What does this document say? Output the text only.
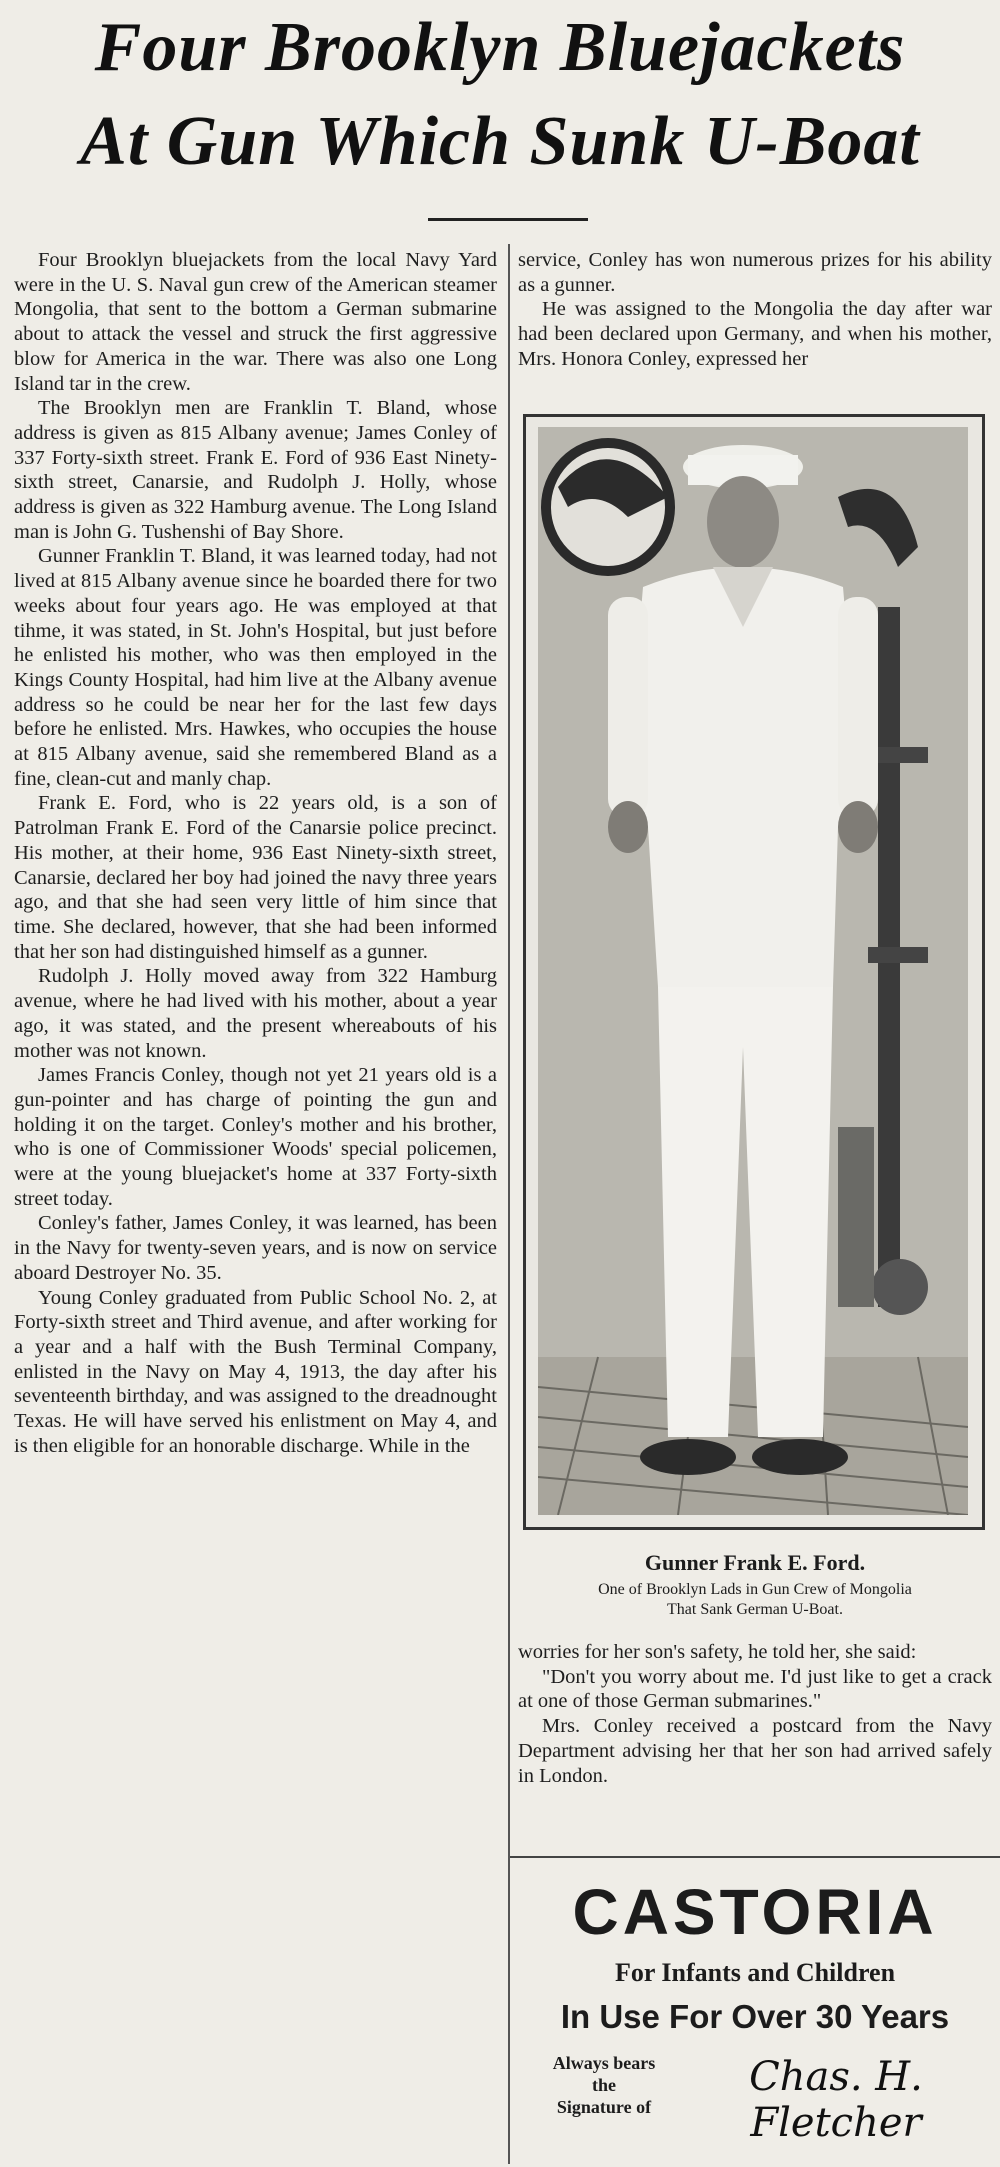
Four Brooklyn Bluejackets
At Gun Which Sunk U-Boat

Four Brooklyn bluejackets from the local Navy Yard were in the U. S. Naval gun crew of the American steamer Mongolia, that sent to the bottom a German submarine about to attack the vessel and struck the first aggressive blow for America in the war. There was also one Long Island tar in the crew.

The Brooklyn men are Franklin T. Bland, whose address is given as 815 Albany avenue; James Conley of 337 Forty-sixth street. Frank E. Ford of 936 East Ninety-sixth street, Canarsie, and Rudolph J. Holly, whose address is given as 322 Hamburg avenue. The Long Island man is John G. Tushenshi of Bay Shore.

Gunner Franklin T. Bland, it was learned today, had not lived at 815 Albany avenue since he boarded there for two weeks about four years ago. He was employed at that tihme, it was stated, in St. John's Hospital, but just before he enlisted his mother, who was then employed in the Kings County Hospital, had him live at the Albany avenue address so he could be near her for the last few days before he enlisted. Mrs. Hawkes, who occupies the house at 815 Albany avenue, said she remembered Bland as a fine, clean-cut and manly chap.

Frank E. Ford, who is 22 years old, is a son of Patrolman Frank E. Ford of the Canarsie police precinct. His mother, at their home, 936 East Ninety-sixth street, Canarsie, declared her boy had joined the navy three years ago, and that she had seen very little of him since that time. She declared, however, that she had been informed that her son had distinguished himself as a gunner.

Rudolph J. Holly moved away from 322 Hamburg avenue, where he had lived with his mother, about a year ago, it was stated, and the present whereabouts of his mother was not known.

James Francis Conley, though not yet 21 years old is a gun-pointer and has charge of pointing the gun and holding it on the target. Conley's mother and his brother, who is one of Commissioner Woods' special policemen, were at the young bluejacket's home at 337 Forty-sixth street today.

Conley's father, James Conley, it was learned, has been in the Navy for twenty-seven years, and is now on service aboard Destroyer No. 35.

Young Conley graduated from Public School No. 2, at Forty-sixth street and Third avenue, and after working for a year and a half with the Bush Terminal Company, enlisted in the Navy on May 4, 1913, the day after his seventeenth birthday, and was assigned to the dreadnought Texas. He will have served his enlistment on May 4, and is then eligible for an honorable discharge. While in the

service, Conley has won numerous prizes for his ability as a gunner.

He was assigned to the Mongolia the day after war had been declared upon Germany, and when his mother, Mrs. Honora Conley, expressed her

Gunner Frank E. Ford.
One of Brooklyn Lads in Gun Crew of Mongolia
That Sank German U-Boat.

worries for her son's safety, he told her, she said:

"Don't you worry about me. I'd just like to get a crack at one of those German submarines."

Mrs. Conley received a postcard from the Navy Department advising her that her son had arrived safely in London.

CASTORIA
For Infants and Children
In Use For Over 30 Years
Always bears
the
Signature of
Chas. H. Fletcher
